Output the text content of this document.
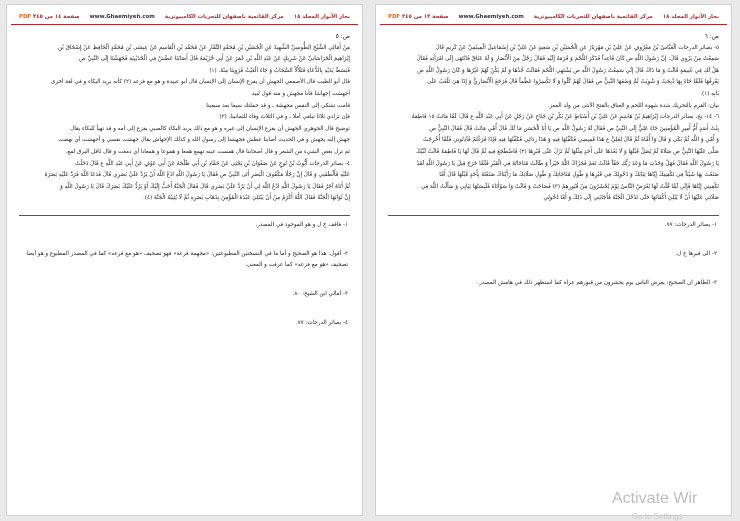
بحار الأنوار المجلد ١٨
مركز القائمية باصفهان للتحريات الكامپيوترية
www.Ghaemiyeh.com
صفحة ١٤ من ٣٤٥ PDF

ص: ٥

مِنْ أَمَالِي الشَّيْخِ الطُّوسِيِّ الشَّهِيدُ عَنِ الْحُسَيْنِ بْنِ مُحَمَّدٍ التَّمَّارِ عَنْ مُحَمَّدِ بْنِ الْقَاسِمِ عَنْ عِيسَى بْنِ مُحَمَّدٍ الْحَافِظِ عَنْ إِسْحَاقَ بْنِ

إِبْرَاهِيمَ الْخَرَاسَانِيِّ عَنْ شَرِيكٍ عَنْ عَبْدِ اللَّهِ بْنِ عُمَرَ عَنْ أَبِي خُزَيْمَةَ قَالَ أَصَابَنَا عَطَشٌ فِي الْحُدَيْبِيَةِ فَجَهَشْنَا إِلَى النَّبِيِّ ص

فَبَسَطَ يَدَيْهِ بِالدُّعَاءِ فَتَلَأْلَأَ السَّحَابُ وَ جَاءَ الْغَيْثُ فَرَوِينَا مِنْهُ. (١)

قال أبو الطيب قال الأصمعي الجهش أن يفزع الإنسان إلى الإنسان قال أبو عبيدة و هو مع فزعه (٢) كأنه يريد البكاء و في لغة أخرى

أجهشت إجهاشا فأنا مجهش و منه قول لبيد

قامت تشكي إلى النفس مجهشة ـ و قد حملتك سبعا بعد سبعينا

فإن تزادي ثلاثا تبلغي أملا ـ و في الثلاث وفاء للثمانينا. (٣)

توضيح قال الجوهري الجهش أن يفزع الإنسان إلى غيره و هو مع ذلك يريد البكاء كالصبي يفزع إلى أمه و قد تهيأ للبكاء يقال

جهش إليه يجهش و في الحديث أصابنا عطش فجهشنا إلى رسول الله و كذلك الإجهاش يقال جهشت نفسي و أجهشت أي نهضت

ثم تزل بعض الشيء من الشعر و قال أصحابنا قال همست عينه تهمع همعا و هموعا و همعانا أي دمعت و قال ثاقل البرق لمع.

٤- بصائر الدرجات أَيُّوبُ بْنُ نُوحٍ عَنْ صَفْوَانَ بْنِ يَحْيَى عَنْ حَمَّادِ بْنِ أَبِي طَلْحَةَ عَنْ أَبِي عَوْفٍ عَنْ أَبِي عَبْدِ اللَّهِ ع قَالَ دَخَلْتُ

عَلَيْهِ فَأَلْطَفَنِي وَ قَالَ إِنَّ رَجُلًا مَكْفُوفَ الْبَصَرِ أَتَى النَّبِيَّ ص فَقَالَ يَا رَسُولَ اللَّهِ ادْعُ اللَّهَ أَنْ يَرُدَّ عَلَيَّ بَصَرِي قَالَ فَدَعَا اللَّهَ فَرَدَّ عَلَيْهِ بَصَرَهُ

ثُمَّ أَتَاهُ آخَرُ فَقَالَ يَا رَسُولَ اللَّهِ ادْعُ اللَّهَ لِي أَنْ يَرُدَّ عَلَيَّ بَصَرِي قَالَ فَقَالَ الْجَنَّةُ أَحَبُّ إِلَيْكَ أَوْ يَرُدُّ عَلَيْكَ بَصَرَكَ قَالَ يَا رَسُولَ اللَّهِ وَ

إِنَّ ثَوَابَهَا الْجَنَّةُ فَقَالَ اللَّهُ أَكْرَمُ مِنْ أَنْ يَبْتَلِيَ عَبْدَهُ الْمُؤْمِنَ بِذَهَابِ بَصَرِهِ ثُمَّ لَا يُثِيبُهُ الْجَنَّةَ (٤).

١- فاقف خ ل و هو الموجود في المصدر.

٢- أقول: هذا هو الصحيح و أما ما في النسختين المطبوعتين: «مجهمة فرعة» فهو تصحيف «هو مع فرعه» كما في المصدر المطبوع و هو أيضا تصحيف «هو مع فزعه» كما عرفت و المعنى.

٣- أمالي ابن الشيخ: ٨٠.

٤- بصائر الدرجات: ٧٧.

بحار الأنوار المجلد ١٨
مركز القائمية باصفهان للتحريات الكامپيوترية
www.Ghaemiyeh.com
صفحة ١٣ من ٣٤٥ PDF

ص: ٦

٥- بصائر الدرجات الْعَبَّاسُ بْنُ مَعْرُوفٍ عَنْ عَلِيِّ بْنِ مَهْزِيَارَ عَنِ الْحُسَيْنِ بْنِ سَعِيدٍ عَنْ عَلِيِّ بْنِ إِسْمَاعِيلَ الْمِيثَمِيِّ عَنْ كَرِيمٍ قَالَ

سَمِعْتُ مِنْ يَرْوِي قَالَ: إِنَّ رَسُولَ اللَّهِ ص كَانَ قَاعِداً فَذَكَرَ اللَّحْمَ وَ قَرَمَهُ إِلَيْهِ فَقَالَ رَجُلٌ مِنَ الْأَنْصَارِ وَ لَهُ عَنَاقٌ فَانْتَهَى إِلَى امْرَأَتِهِ فَقَالَ

هَلْ لَكِ فِي غَنِيمَةٍ قَالَتْ وَ مَا ذَاكَ قَالَ إِنِّي سَمِعْتُ رَسُولَ اللَّهِ ص يَشْتَهِي اللَّحْمَ فَقَالَتْ خُذْهَا وَ لَمْ يَكُنْ لَهُمْ غَيْرُهَا وَ كَانَ رَسُولُ اللَّهِ ص

يَعْرِفُهَا فَلَمَّا جَاءَ بِهَا ذُبِحَتْ وَ شُوِيَتْ ثُمَّ وَضَعَهَا النَّبِيُّ ص فَقَالَ لَهُمْ كُلُوا وَ لَا تَكْسِرُوا عَظْماً قَالَ فَرَجَعَ الْأَنْصَارِيُّ وَ إِذَا هِيَ تَلْعَبُ عَلَى

بَابِهِ (١).

بيان: القرم بالتحريك شدة شهوة اللحم و العناق بالفتح الأنثى من ولد المعز.

٦- ١٤- يج، بصائر الدرجات إِبْرَاهِيمُ بْنُ هَاشِمٍ عَنْ عَلِيِّ بْنِ أَسْبَاطٍ عَنْ بَكْرِ بْنِ جَنَاحٍ عَنْ رَجُلٍ عَنْ أَبِي عَبْدِ اللَّهِ ع قَالَ: لَمَّا مَاتَتْ ١٥ فَاطِمَةُ

بِنْتُ أَسَدٍ أُمُّ أَمِيرِ الْمُؤْمِنِينَ جَاءَ عَلِيٌّ إِلَى النَّبِيِّ ص فَقَالَ لَهُ رَسُولُ اللَّهِ ص يَا أَبَا الْحَسَنِ مَا لَكَ قَالَ أُمِّي مَاتَتْ قَالَ فَقَالَ النَّبِيُّ ص

وَ أُمِّي وَ اللَّهِ ثُمَّ بَكَى وَ قَالَ وَا أُمَّاهْ ثُمَّ قَالَ لِعَلِيٍّ ع هَذَا قَمِيصِي فَكَفِّنْهَا فِيهِ وَ هَذَا رِدَائِي فَكَفِّنْهَا فِيهِ فَإِذَا فَرَغْتُمْ فَآذِنُونِي فَلَمَّا أُخْرِجَتْ

صَلَّى عَلَيْهَا النَّبِيُّ ص صَلَاةً لَمْ يُصَلِّ قَبْلَهَا وَ لَا بَعْدَهَا عَلَى أَحَدٍ مِثْلَهَا ثُمَّ نَزَلَ عَلَى قَبْرِهَا (٢) فَاضْطَجَعَ فِيهِ ثُمَّ قَالَ لَهَا يَا فَاطِمَةُ قَالَتْ لَبَّيْكَ

يَا رَسُولَ اللَّهِ فَقَالَ فَهَلْ وَجَدْتِ مَا وَعَدَ رَبُّكِ حَقّاً قَالَتْ نَعَمْ فَجَزَاكَ اللَّهُ خَيْراً وَ طَالَتْ مُنَاجَاتُهُ فِي الْقَبْرِ فَلَمَّا خَرَجَ قِيلَ يَا رَسُولَ اللَّهِ لَقَدْ

صَنَعْتَ بِهَا شَيْئاً فِي تَكْفِينِكَ إِيَّاهَا ثِيَابَكَ وَ دُخُولِكَ فِي قَبْرِهَا وَ طُولِ مُنَاجَاتِكَ وَ طُولِ صَلَاتِكَ مَا رَأَيْنَاكَ صَنَعْتَهُ بِأَحَدٍ قَبْلَهَا قَالَ أَمَّا

تَكْفِينِي إِيَّاهَا فَإِنِّي لَمَّا قُلْتُ لَهَا يُعْرَضُ النَّاسُ يَوْمَ يُحْشَرُونَ مِنْ قُبُورِهِمْ (٣) فَصَاحَتْ وَ قَالَتْ وَا سَوْأَتَاهْ فَلَبِسَتْهَا ثِيَابِي وَ سَأَلْتُ اللَّهَ فِي

صَلَاتِي عَلَيْهَا أَنْ لَا يُبْلِيَ أَكْفَانَهَا حَتَّى تَدْخُلَ الْجَنَّةَ فَأَجَابَنِي إِلَى ذَلِكَ وَ أَمَّا دُخُولِي

١- بصائر الدرجات: ٧٧.

٢- الى قبرها خ ل.

٣- الظاهر ان الصحيح: يعرض الناس يوم يحشرون من قبورهم عراة كما استظهر ذلك في هامش المصدر.

Activate Wir
Go to Settings
